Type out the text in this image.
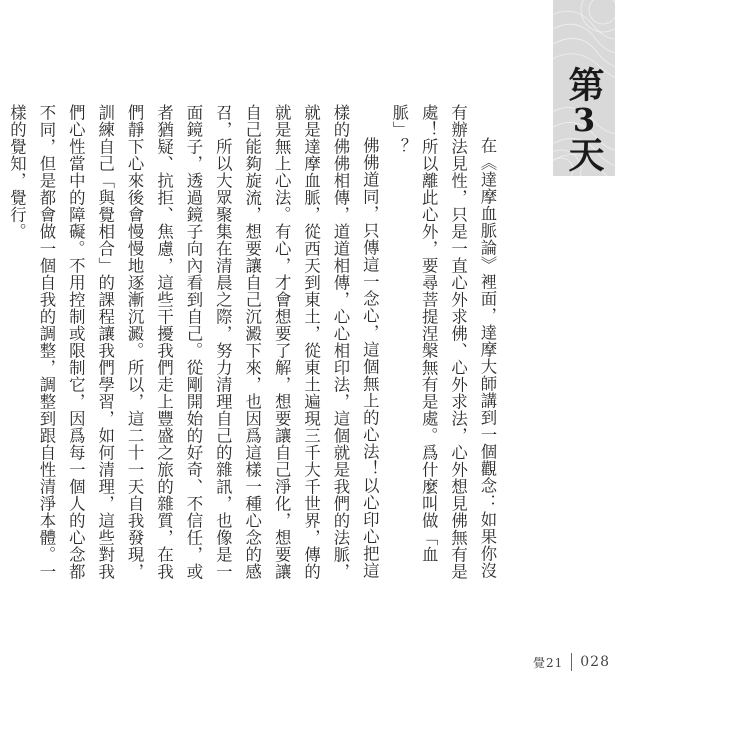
第
3
天

在《達摩血脈論》裡面，達摩大師講到一個觀念：如果你沒有辦法見性，只是一直心外求佛、心外求法，心外想見佛無有是處！所以離此心外，要尋菩提涅槃無有是處。爲什麼叫做「血脈」？

佛佛道同，只傳這一念心，這個無上的心法！以心印心把這樣的佛佛相傳，道道相傳，心心相印法，這個就是我們的法脈，就是達摩血脈，從西天到東土，從東土遍現三千大千世界，傳的就是無上心法。有心，才會想要了解，想要讓自己淨化，想要讓自己能夠旋流，想要讓自己沉澱下來，也因爲這樣一種心念的感召，所以大眾聚集在清晨之際，努力清理自己的雜訊，也像是一面鏡子，透過鏡子向內看到自己。從剛開始的好奇、不信任，或者猶疑、抗拒、焦慮，這些干擾我們走上豐盛之旅的雜質，在我們靜下心來後會慢慢地逐漸沉澱。所以，這二十一天自我發現，訓練自己「與覺相合」的課程讓我們學習，如何清理，這些對我們心性當中的障礙。不用控制或限制它，因爲每一個人的心念都不同，但是都會做一個自我的調整，調整到跟自性清淨本體。一樣的覺知，覺行。

覺21 028
